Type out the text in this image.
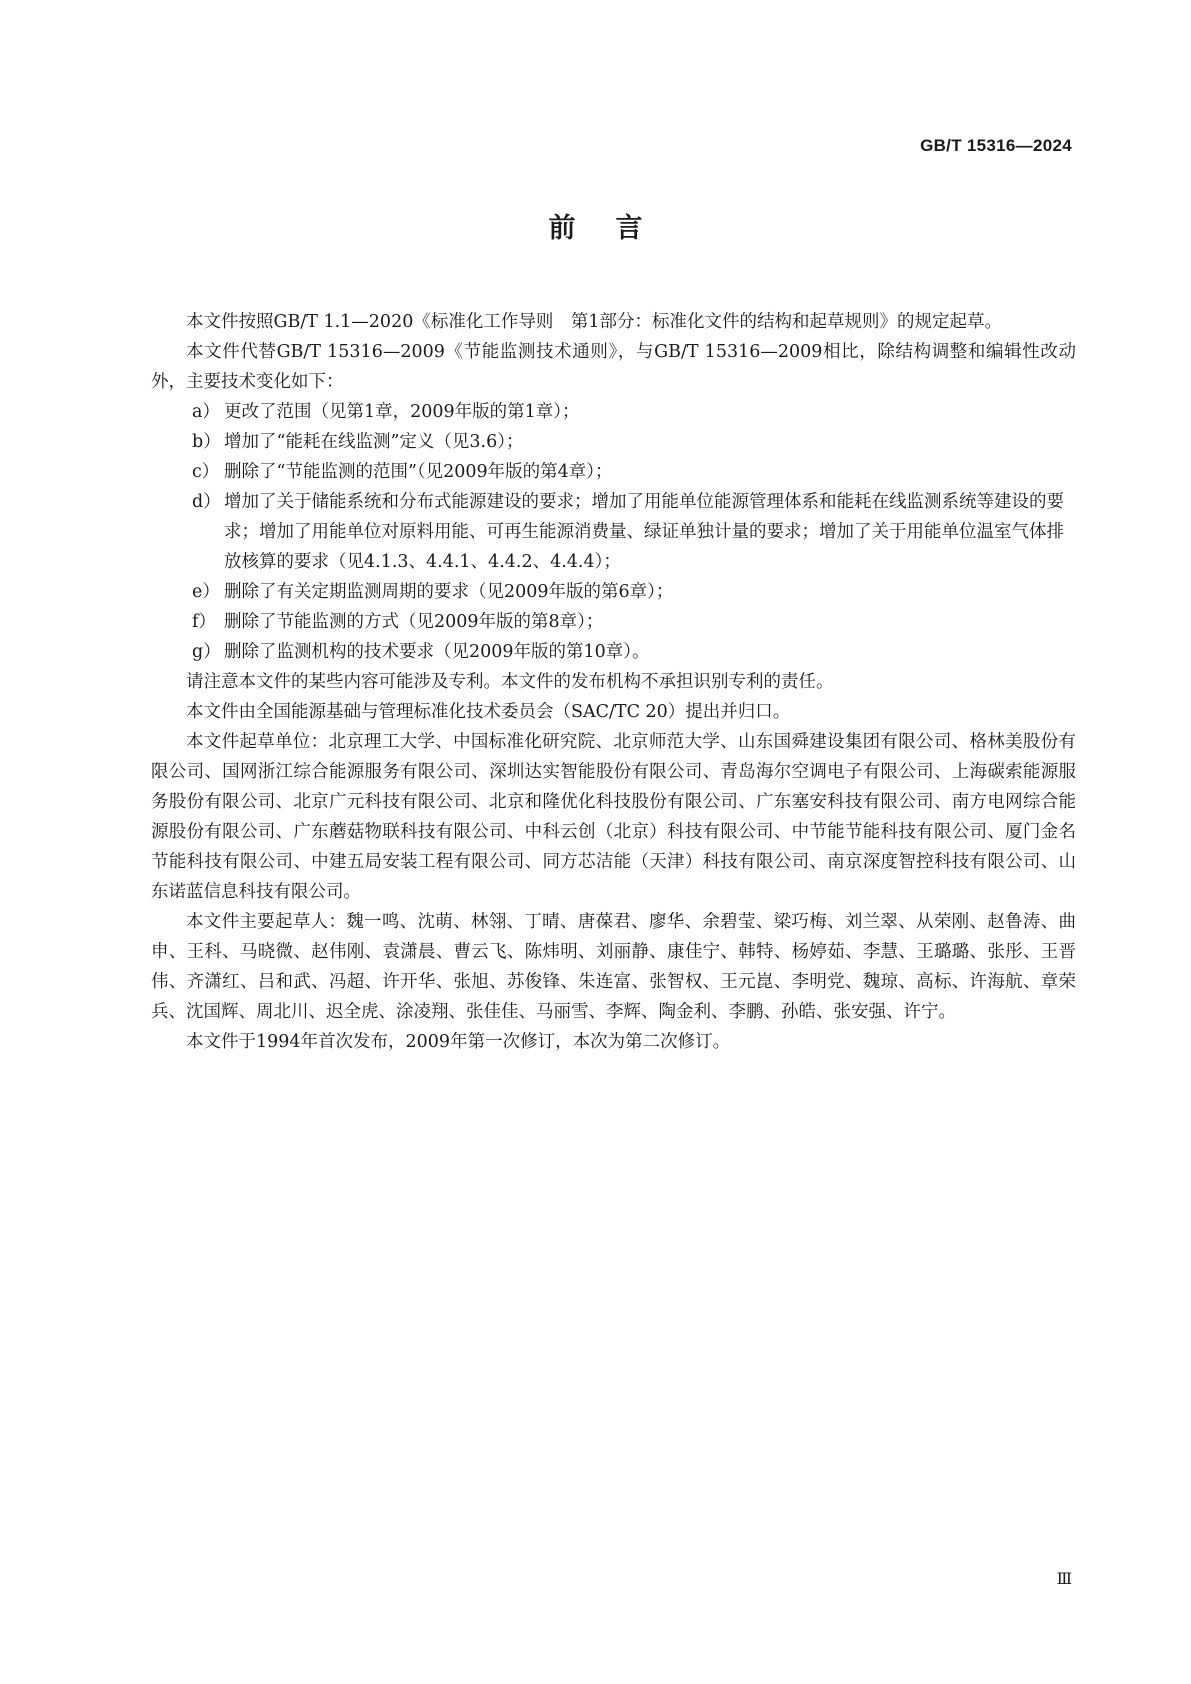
GB/T 15316—2024
前言

本文件按照GB/T 1.1—2020《标准化工作导则　第1部分：标准化文件的结构和起草规则》的规定起草。

本文件代替GB/T 15316—2009《节能监测技术通则》，与GB/T 15316—2009相比，除结构调整和编辑性改动外，主要技术变化如下：

a） 更改了范围（见第1章，2009年版的第1章）；

b） 增加了“能耗在线监测”定义（见3.6）；

c） 删除了“节能监测的范围”（见2009年版的第4章）；

d） 增加了关于储能系统和分布式能源建设的要求；增加了用能单位能源管理体系和能耗在线监测系统等建设的要求；增加了用能单位对原料用能、可再生能源消费量、绿证单独计量的要求；增加了关于用能单位温室气体排放核算的要求（见4.1.3、4.4.1、4.4.2、4.4.4）；

e） 删除了有关定期监测周期的要求（见2009年版的第6章）；

f） 删除了节能监测的方式（见2009年版的第8章）；

g） 删除了监测机构的技术要求（见2009年版的第10章）。

请注意本文件的某些内容可能涉及专利。本文件的发布机构不承担识别专利的责任。

本文件由全国能源基础与管理标准化技术委员会（SAC/TC 20）提出并归口。

本文件起草单位：北京理工大学、中国标准化研究院、北京师范大学、山东国舜建设集团有限公司、格林美股份有限公司、国网浙江综合能源服务有限公司、深圳达实智能股份有限公司、青岛海尔空调电子有限公司、上海碳索能源服务股份有限公司、北京广元科技有限公司、北京和隆优化科技股份有限公司、广东塞安科技有限公司、南方电网综合能源股份有限公司、广东蘑菇物联科技有限公司、中科云创（北京）科技有限公司、中节能节能科技有限公司、厦门金名节能科技有限公司、中建五局安装工程有限公司、同方芯洁能（天津）科技有限公司、南京深度智控科技有限公司、山东诺蓝信息科技有限公司。

本文件主要起草人：魏一鸣、沈萌、林翎、丁晴、唐葆君、廖华、余碧莹、梁巧梅、刘兰翠、从荣刚、赵鲁涛、曲申、王科、马晓微、赵伟刚、袁潇晨、曹云飞、陈炜明、刘丽静、康佳宁、韩特、杨婷茹、李慧、王璐璐、张彤、王晋伟、齐潇红、吕和武、冯超、许开华、张旭、苏俊锋、朱连富、张智权、王元崑、李明党、魏琼、高标、许海航、章荣兵、沈国辉、周北川、迟全虎、涂凌翔、张佳佳、马丽雪、李辉、陶金利、李鹏、孙皓、张安强、许宁。

本文件于1994年首次发布，2009年第一次修订，本次为第二次修订。

Ⅲ
